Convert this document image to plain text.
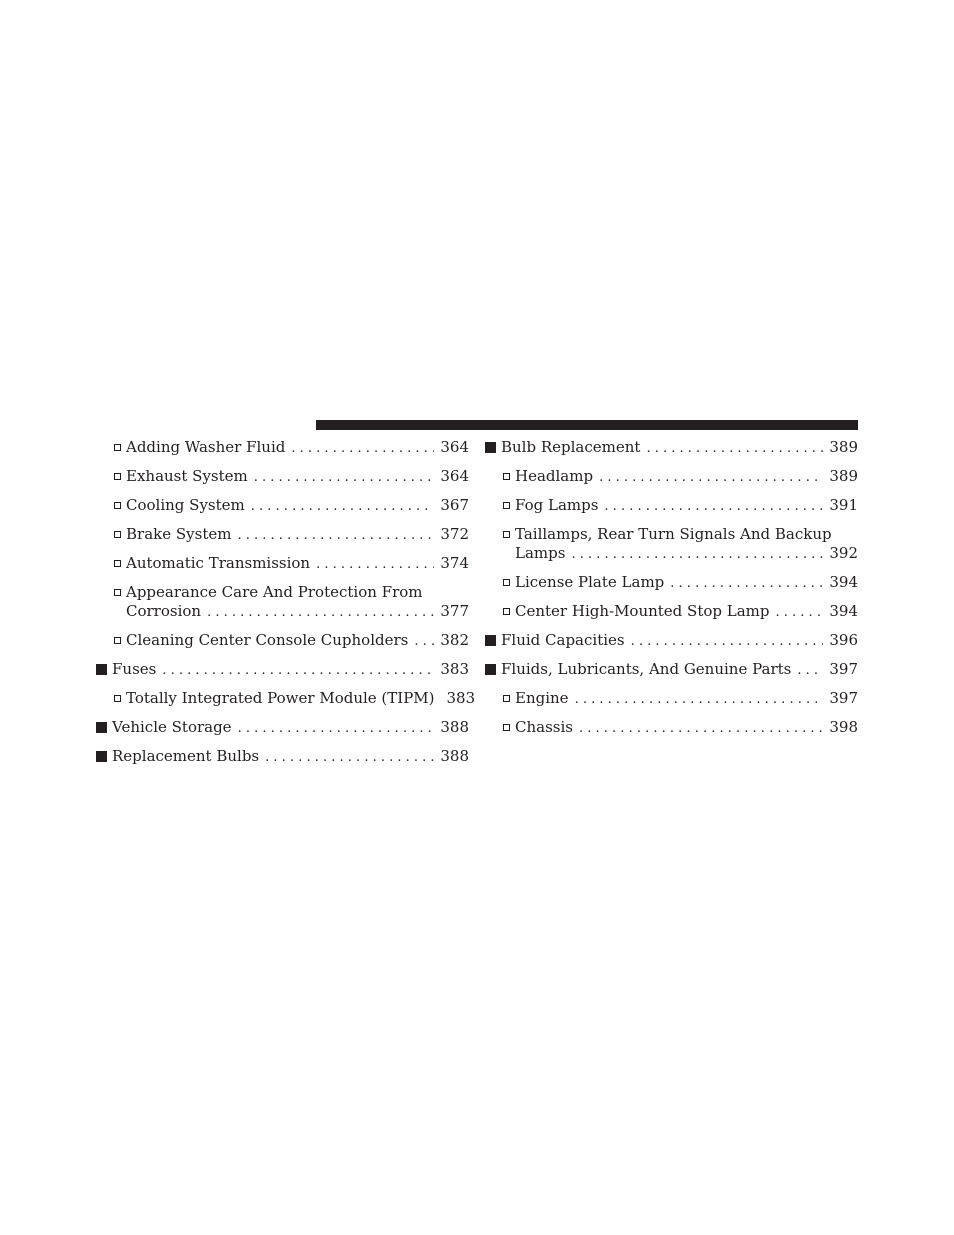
Adding Washer Fluid . . .	364
Exhaust System . . .	364
Cooling System . . .	367
Brake System . . .	372
Automatic Transmission . . .	374
Appearance Care And Protection From
Corrosion . . .	377
Cleaning Center Console Cupholders . . .	382
Fuses . . .	383
Totally Integrated Power Module (TIPM) 383
Vehicle Storage . . .	388
Replacement Bulbs . . .	388
Bulb Replacement . . .	389
Headlamp . . .	389
Fog Lamps . . .	391
Taillamps, Rear Turn Signals And Backup
Lamps . . .	392
License Plate Lamp . . .	394
Center High-Mounted Stop Lamp . . .	394
Fluid Capacities . . .	396
Fluids, Lubricants, And Genuine Parts . . .	397
Engine . . .	397
Chassis . . .	398
